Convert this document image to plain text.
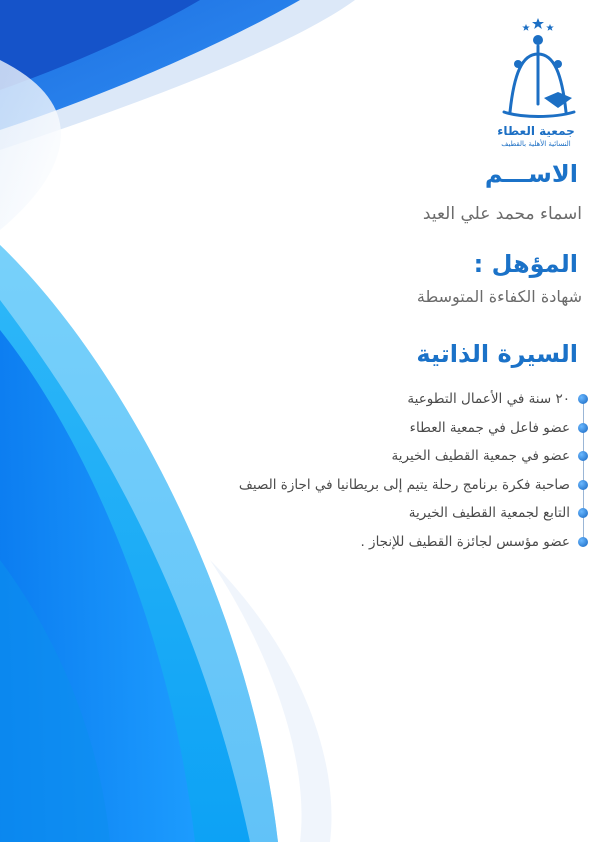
جمعية العطاء
النسائية الأهلية بالقطيف
الاســـم
اسماء محمد علي العيد
المؤهل :
شهادة الكفاءة المتوسطة
السيرة الذاتية
٢٠ سنة في الأعمال التطوعية
عضو فاعل في جمعية العطاء
عضو في جمعية القطيف الخيرية
صاحبة فكرة برنامج رحلة يتيم إلى بريطانيا في اجازة الصيف
التابع لجمعية القطيف الخيرية
عضو مؤسس لجائزة القطيف للإنجاز .
